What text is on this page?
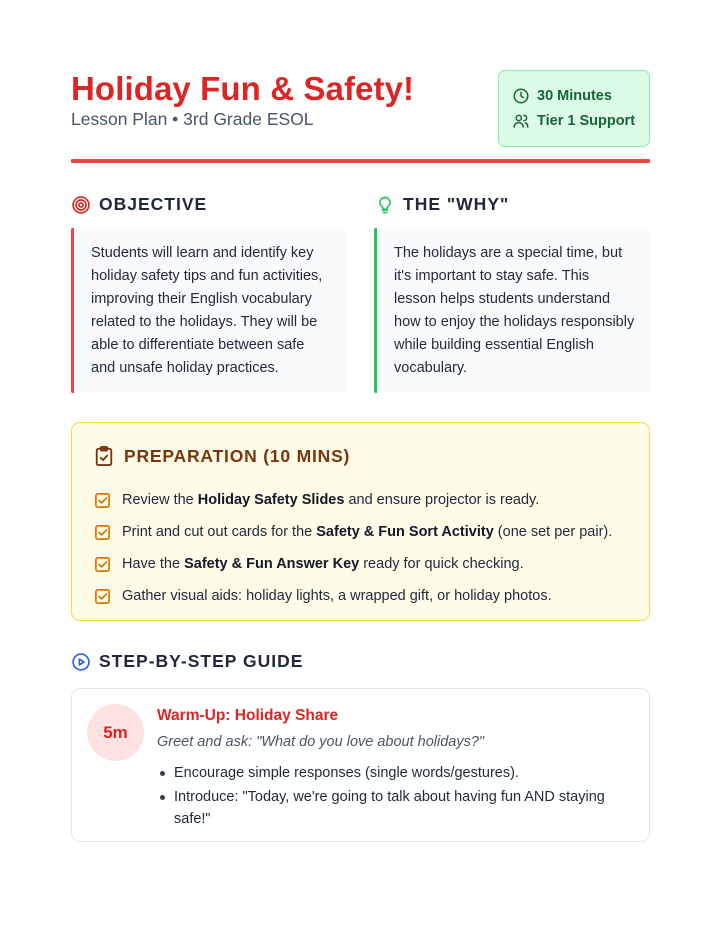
Holiday Fun & Safety!
Lesson Plan • 3rd Grade ESOL
30 Minutes
Tier 1 Support
OBJECTIVE

Students will learn and identify key holiday safety tips and fun activities, improving their English vocabulary related to the holidays. They will be able to differentiate between safe and unsafe holiday practices.

THE "WHY"

The holidays are a special time, but it's important to stay safe. This lesson helps students understand how to enjoy the holidays responsibly while building essential English vocabulary.

PREPARATION (10 MINS)
Review the Holiday Safety Slides and ensure projector is ready.
Print and cut out cards for the Safety & Fun Sort Activity (one set per pair).
Have the Safety & Fun Answer Key ready for quick checking.
Gather visual aids: holiday lights, a wrapped gift, or holiday photos.
STEP-BY-STEP GUIDE
5m
Warm-Up: Holiday Share
Greet and ask: "What do you love about holidays?"
Encourage simple responses (single words/gestures).
Introduce: "Today, we're going to talk about having fun AND staying safe!"
